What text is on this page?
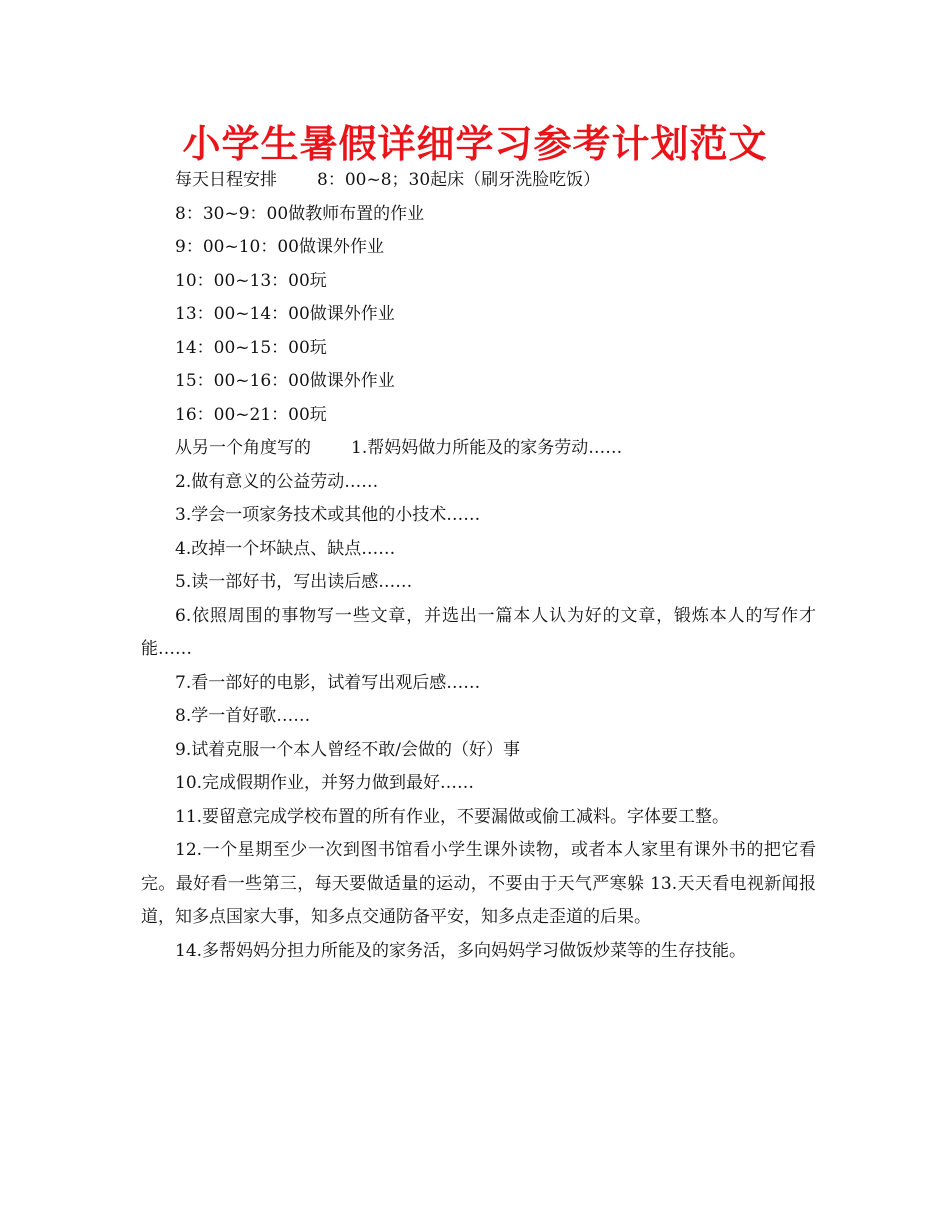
小学生暑假详细学习参考计划范文

每天日程安排 8：00~8；30起床（刷牙洗脸吃饭）

8：30~9：00做教师布置的作业

9：00~10：00做课外作业

10：00~13：00玩

13：00~14：00做课外作业

14：00~15：00玩

15：00~16：00做课外作业

16：00~21：00玩

从另一个角度写的 1.帮妈妈做力所能及的家务劳动……

2.做有意义的公益劳动……

3.学会一项家务技术或其他的小技术……

4.改掉一个坏缺点、缺点……

5.读一部好书，写出读后感……

6.依照周围的事物写一些文章，并选出一篇本人认为好的文章，锻炼本人的写作才能……

7.看一部好的电影，试着写出观后感……

8.学一首好歌……

9.试着克服一个本人曾经不敢/会做的（好）事

10.完成假期作业，并努力做到最好……

11.要留意完成学校布置的所有作业，不要漏做或偷工减料。字体要工整。

12.一个星期至少一次到图书馆看小学生课外读物，或者本人家里有课外书的把它看完。最好看一些第三，每天要做适量的运动，不要由于天气严寒躲 13.天天看电视新闻报道，知多点国家大事，知多点交通防备平安，知多点走歪道的后果。

14.多帮妈妈分担力所能及的家务活，多向妈妈学习做饭炒菜等的生存技能。
